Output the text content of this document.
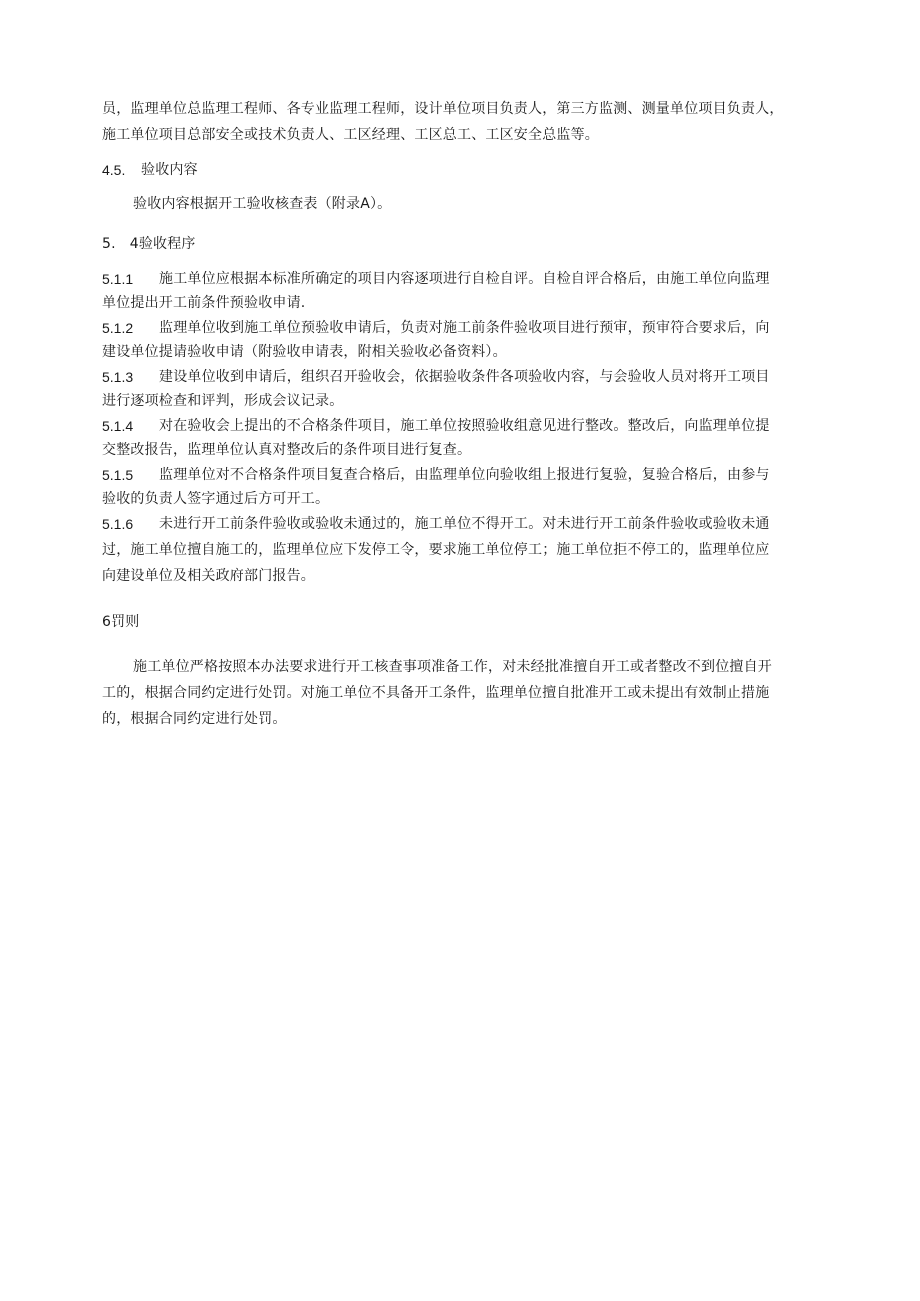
员，监理单位总监理工程师、各专业监理工程师，设计单位项目负责人，第三方监测、测量单位项目负责人，
施工单位项目总部安全或技术负责人、工区经理、工区总工、工区安全总监等。
4.5. 验收内容
验收内容根据开工验收核查表（附录A）。
5.   4验收程序
5.1.1 施工单位应根据本标准所确定的项目内容逐项进行自检自评。自检自评合格后，由施工单位向监理
单位提出开工前条件预验收申请.
5.1.2 监理单位收到施工单位预验收申请后，负责对施工前条件验收项目进行预审，预审符合要求后，向
建设单位提请验收申请（附验收申请表，附相关验收必备资料）。
5.1.3 建设单位收到申请后，组织召开验收会，依据验收条件各项验收内容，与会验收人员对将开工项目
进行逐项检查和评判，形成会议记录。
5.1.4 对在验收会上提出的不合格条件项目，施工单位按照验收组意见进行整改。整改后，向监理单位提
交整改报告，监理单位认真对整改后的条件项目进行复查。
5.1.5 监理单位对不合格条件项目复查合格后，由监理单位向验收组上报进行复验，复验合格后，由参与
验收的负责人签字通过后方可开工。
5.1.6 未进行开工前条件验收或验收未通过的，施工单位不得开工。对未进行开工前条件验收或验收未通
过，施工单位擅自施工的，监理单位应下发停工令，要求施工单位停工；施工单位拒不停工的，监理单位应
向建设单位及相关政府部门报告。
6罚则
施工单位严格按照本办法要求进行开工核查事项准备工作，对未经批准擅自开工或者整改不到位擅自开
工的，根据合同约定进行处罚。对施工单位不具备开工条件，监理单位擅自批准开工或未提出有效制止措施
的，根据合同约定进行处罚。
